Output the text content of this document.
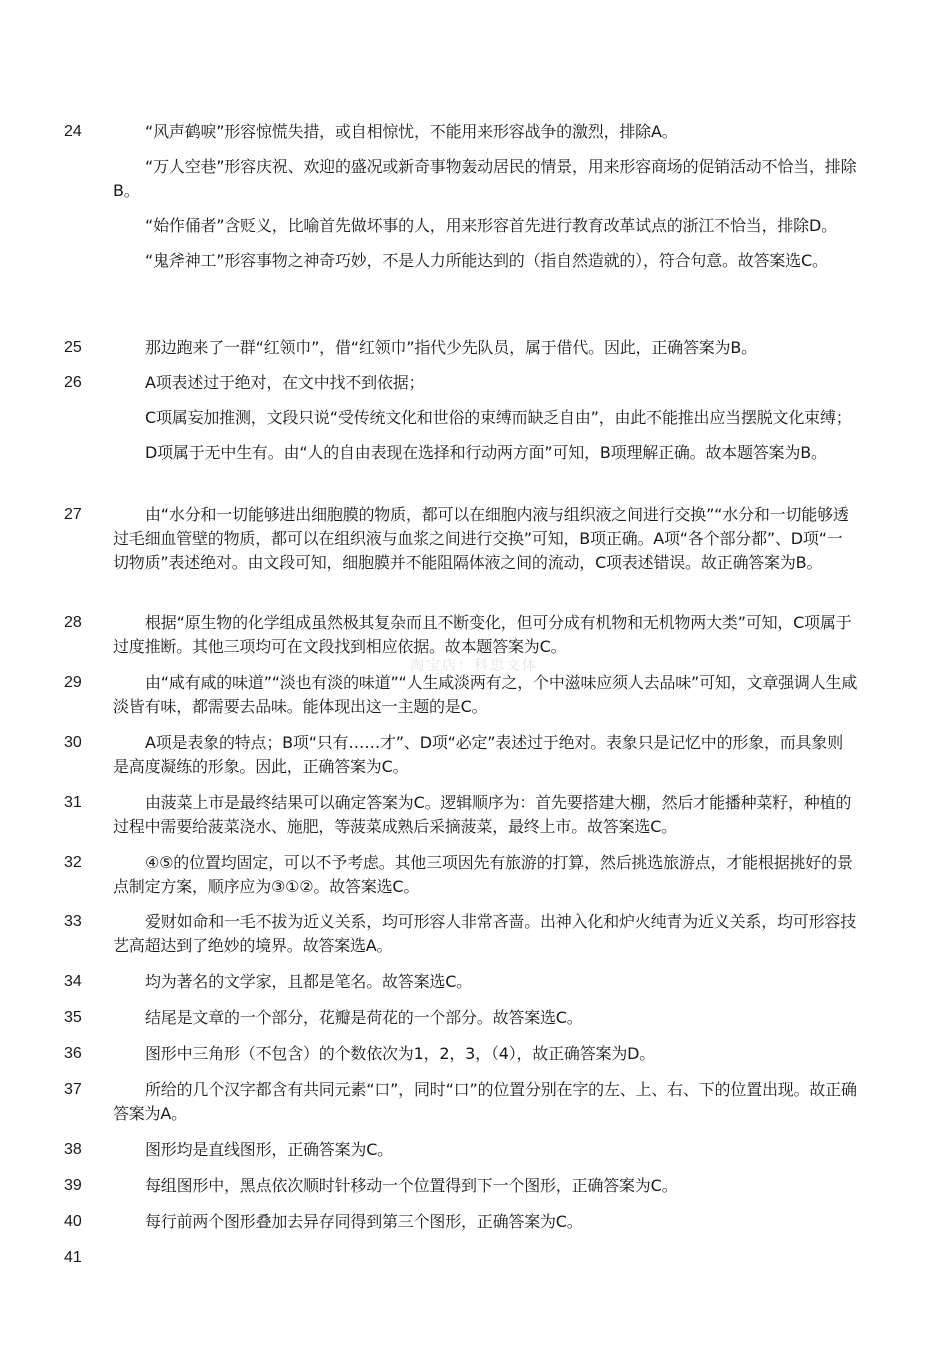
淘宝店：科思文体
24	“风声鹤唳”形容惊慌失措，或自相惊忧，不能用来形容战争的激烈，排除A。
“万人空巷”形容庆祝、欢迎的盛况或新奇事物轰动居民的情景，用来形容商场的促销活动不恰当，排除B。
“始作俑者”含贬义，比喻首先做坏事的人，用来形容首先进行教育改革试点的浙江不恰当，排除D。
“鬼斧神工”形容事物之神奇巧妙，不是人力所能达到的（指自然造就的），符合句意。故答案选C。
25	那边跑来了一群“红领巾”，借“红领巾”指代少先队员，属于借代。因此，正确答案为B。
26	A项表述过于绝对，在文中找不到依据；
C项属妄加推测，文段只说“受传统文化和世俗的束缚而缺乏自由”，由此不能推出应当摆脱文化束缚；
D项属于无中生有。由“人的自由表现在选择和行动两方面”可知，B项理解正确。故本题答案为B。
27	由“水分和一切能够进出细胞膜的物质，都可以在细胞内液与组织液之间进行交换”“水分和一切能够透过毛细血管壁的物质，都可以在组织液与血浆之间进行交换”可知，B项正确。A项“各个部分都”、D项“一切物质”表述绝对。由文段可知，细胞膜并不能阻隔体液之间的流动，C项表述错误。故正确答案为B。
28	根据“原生物的化学组成虽然极其复杂而且不断变化，但可分成有机物和无机物两大类”可知，C项属于过度推断。其他三项均可在文段找到相应依据。故本题答案为C。
29	由“咸有咸的味道”“淡也有淡的味道”“人生咸淡两有之，个中滋味应须人去品味”可知，文章强调人生咸淡皆有味，都需要去品味。能体现出这一主题的是C。
30	A项是表象的特点；B项“只有……才”、D项“必定”表述过于绝对。表象只是记忆中的形象，而具象则是高度凝练的形象。因此，正确答案为C。
31	由菠菜上市是最终结果可以确定答案为C。逻辑顺序为：首先要搭建大棚，然后才能播种菜籽，种植的过程中需要给菠菜浇水、施肥，等菠菜成熟后采摘菠菜，最终上市。故答案选C。
32	④⑤的位置均固定，可以不予考虑。其他三项因先有旅游的打算，然后挑选旅游点，才能根据挑好的景点制定方案，顺序应为③①②。故答案选C。
33	爱财如命和一毛不拔为近义关系，均可形容人非常吝啬。出神入化和炉火纯青为近义关系，均可形容技艺高超达到了绝妙的境界。故答案选A。
34	均为著名的文学家，且都是笔名。故答案选C。
35	结尾是文章的一个部分，花瓣是荷花的一个部分。故答案选C。
36	图形中三角形（不包含）的个数依次为1，2，3，（4），故正确答案为D。
37	所给的几个汉字都含有共同元素“口”，同时“口”的位置分别在字的左、上、右、下的位置出现。故正确答案为A。
38	图形均是直线图形，正确答案为C。
39	每组图形中，黑点依次顺时针移动一个位置得到下一个图形，正确答案为C。
40	每行前两个图形叠加去异存同得到第三个图形，正确答案为C。
41
